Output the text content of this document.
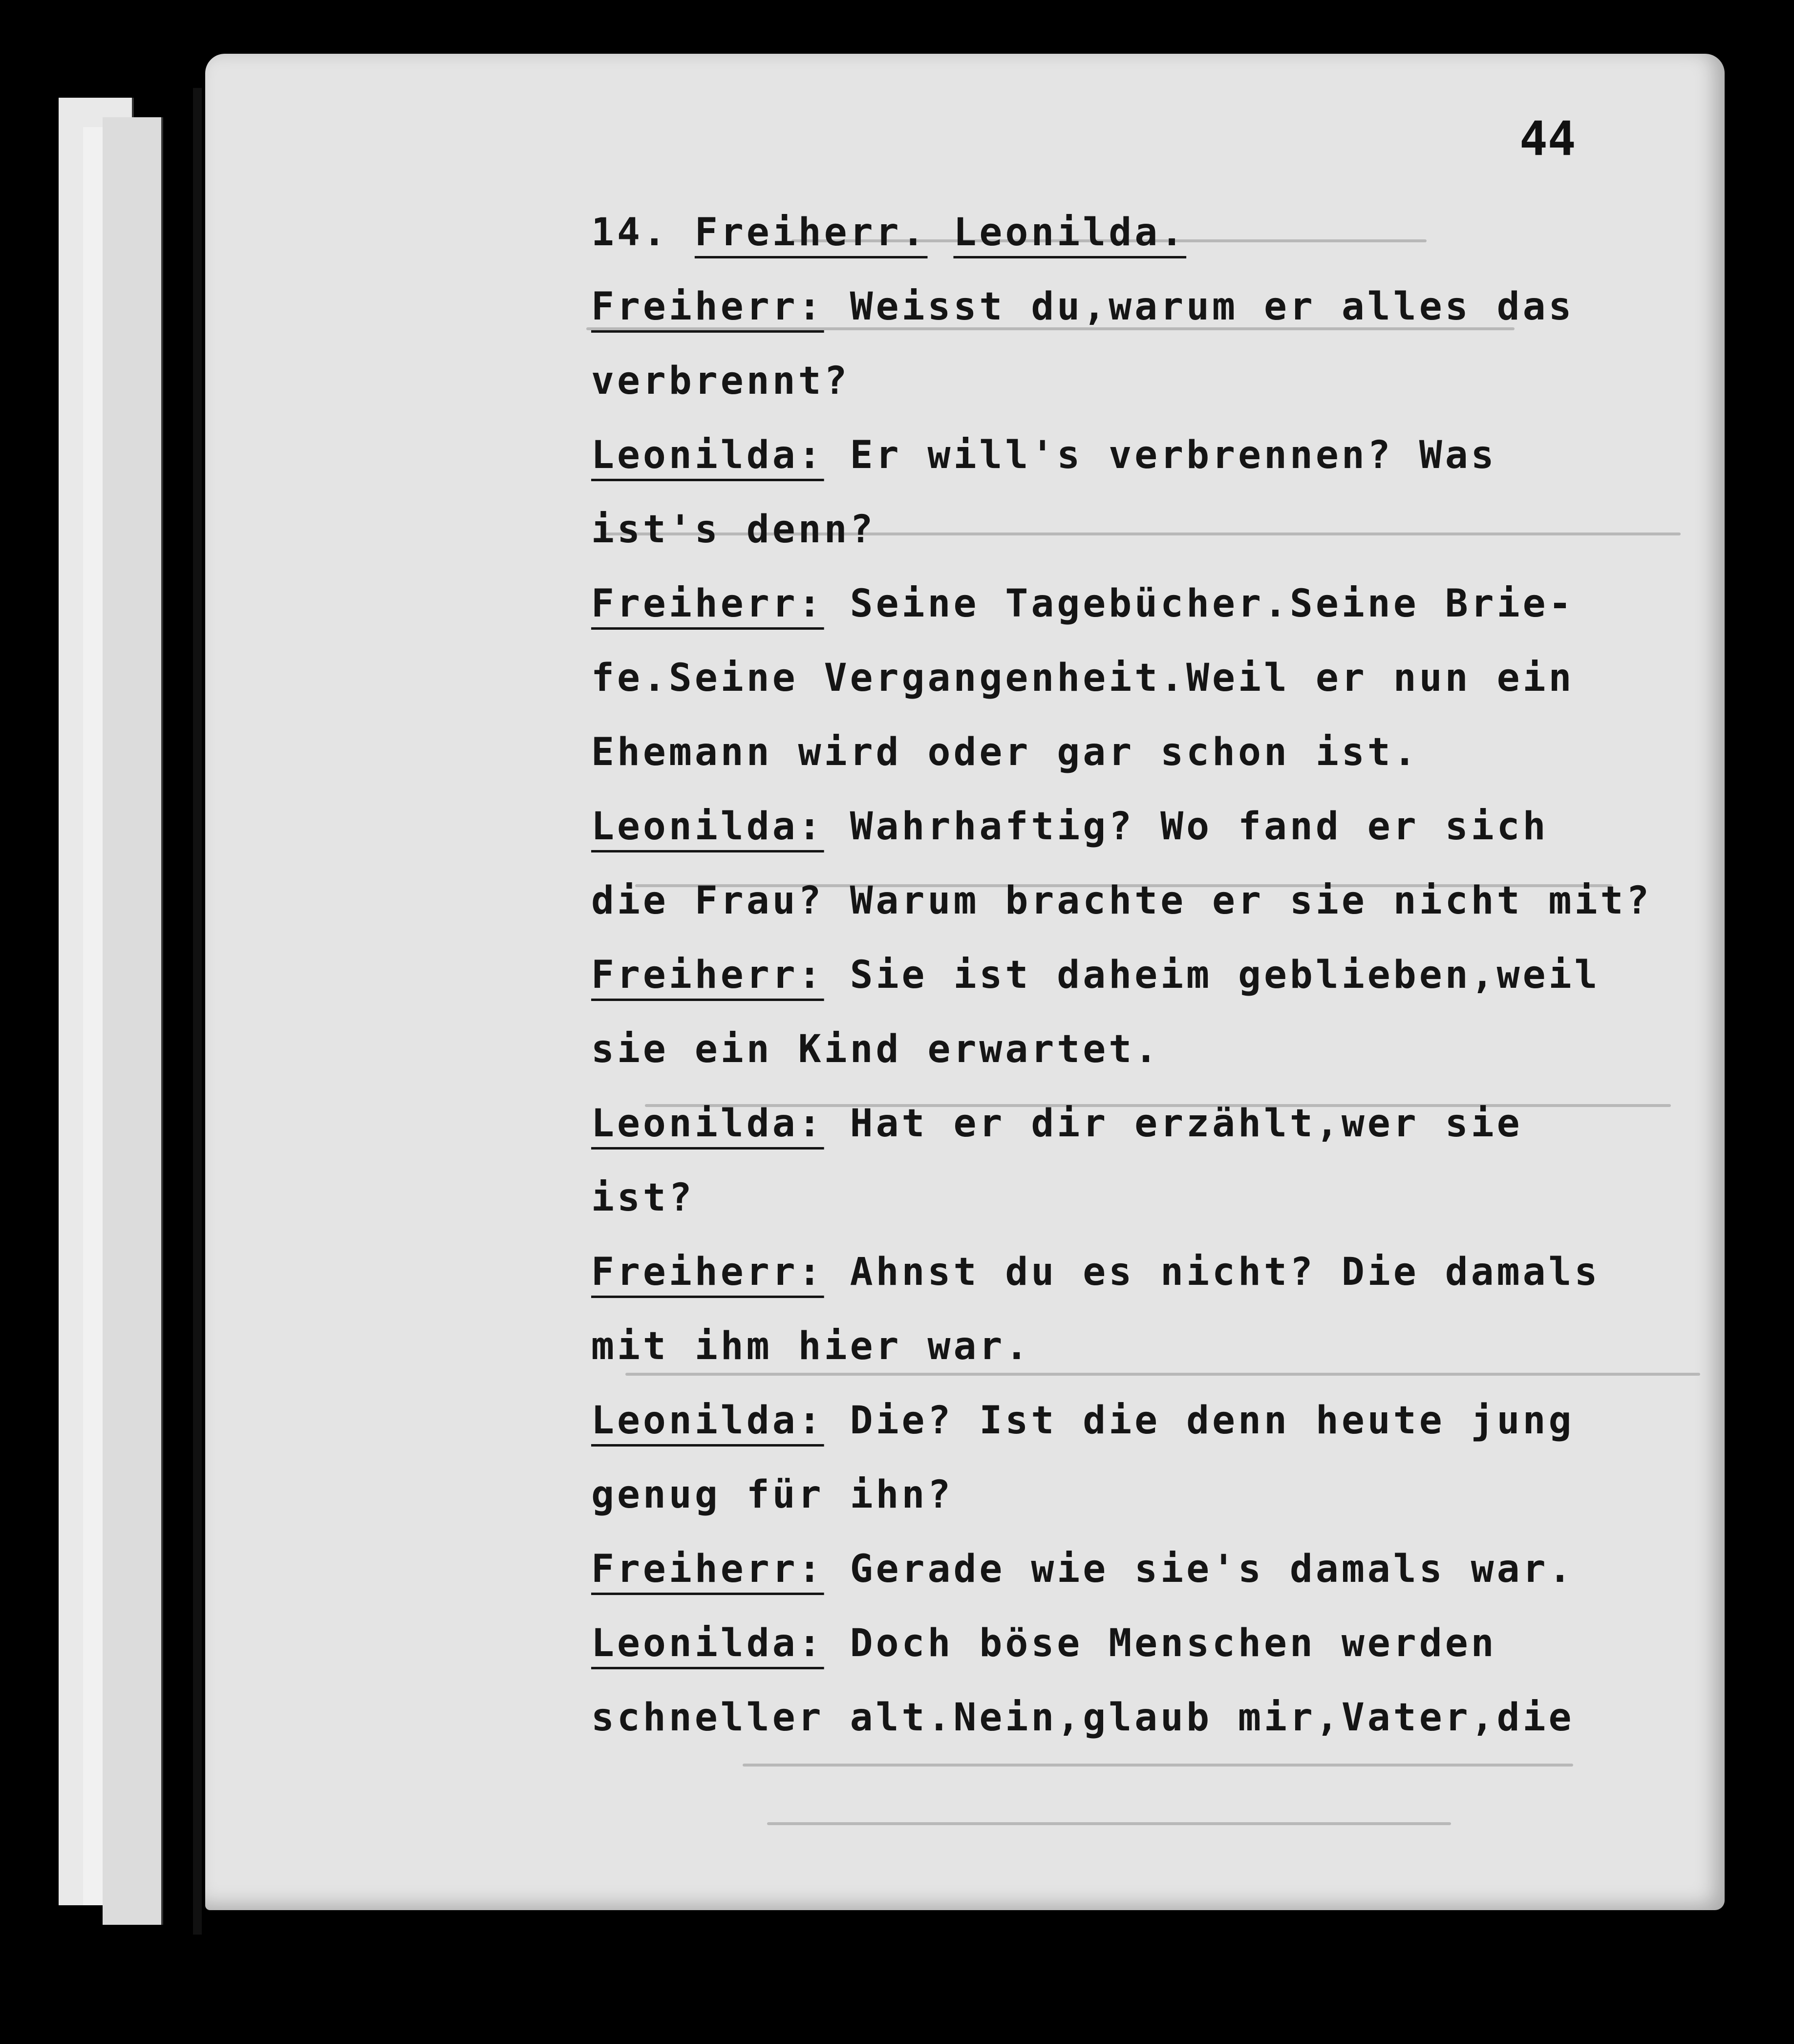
44

14. Freiherr. Leonilda.
Freiherr: Weisst du,warum er alles das
verbrennt?
Leonilda: Er will's verbrennen? Was
ist's denn?
Freiherr: Seine Tagebücher.Seine Brie-
fe.Seine Vergangenheit.Weil er nun ein
Ehemann wird oder gar schon ist.
Leonilda: Wahrhaftig? Wo fand er sich
die Frau? Warum brachte er sie nicht mit?
Freiherr: Sie ist daheim geblieben,weil
sie ein Kind erwartet.
Leonilda: Hat er dir erzählt,wer sie
ist?
Freiherr: Ahnst du es nicht? Die damals
mit ihm hier war.
Leonilda: Die? Ist die denn heute jung
genug für ihn?
Freiherr: Gerade wie sie's damals war.
Leonilda: Doch böse Menschen werden
schneller alt.Nein,glaub mir,Vater,die
